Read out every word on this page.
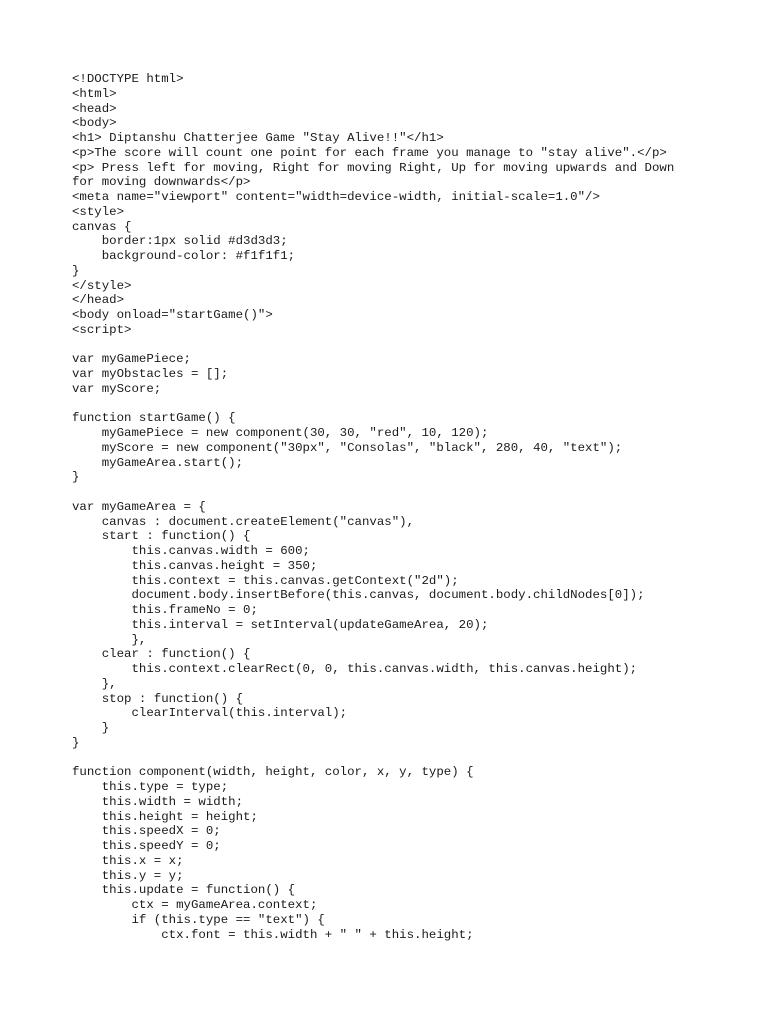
<!DOCTYPE html>
<html>
<head>
<body>
<h1> Diptanshu Chatterjee Game "Stay Alive!!"</h1>
<p>The score will count one point for each frame you manage to "stay alive".</p>
<p> Press left for moving, Right for moving Right, Up for moving upwards and Down
for moving downwards</p>
<meta name="viewport" content="width=device-width, initial-scale=1.0"/>
<style>
canvas {
border:1px solid #d3d3d3;
background-color: #f1f1f1;
}
</style>
</head>
<body onload="startGame()">
<script>
var myGamePiece;
var myObstacles = [];
var myScore;
function startGame() {
myGamePiece = new component(30, 30, "red", 10, 120);
myScore = new component("30px", "Consolas", "black", 280, 40, "text");
myGameArea.start();
}
var myGameArea = {
canvas : document.createElement("canvas"),
start : function() {
this.canvas.width = 600;
this.canvas.height = 350;
this.context = this.canvas.getContext("2d");
document.body.insertBefore(this.canvas, document.body.childNodes[0]);
this.frameNo = 0;
this.interval = setInterval(updateGameArea, 20);
},
clear : function() {
this.context.clearRect(0, 0, this.canvas.width, this.canvas.height);
},
stop : function() {
clearInterval(this.interval);
}
}
function component(width, height, color, x, y, type) {
this.type = type;
this.width = width;
this.height = height;
this.speedX = 0;
this.speedY = 0;
this.x = x;
this.y = y;
this.update = function() {
ctx = myGameArea.context;
if (this.type == "text") {
ctx.font = this.width + " " + this.height;
